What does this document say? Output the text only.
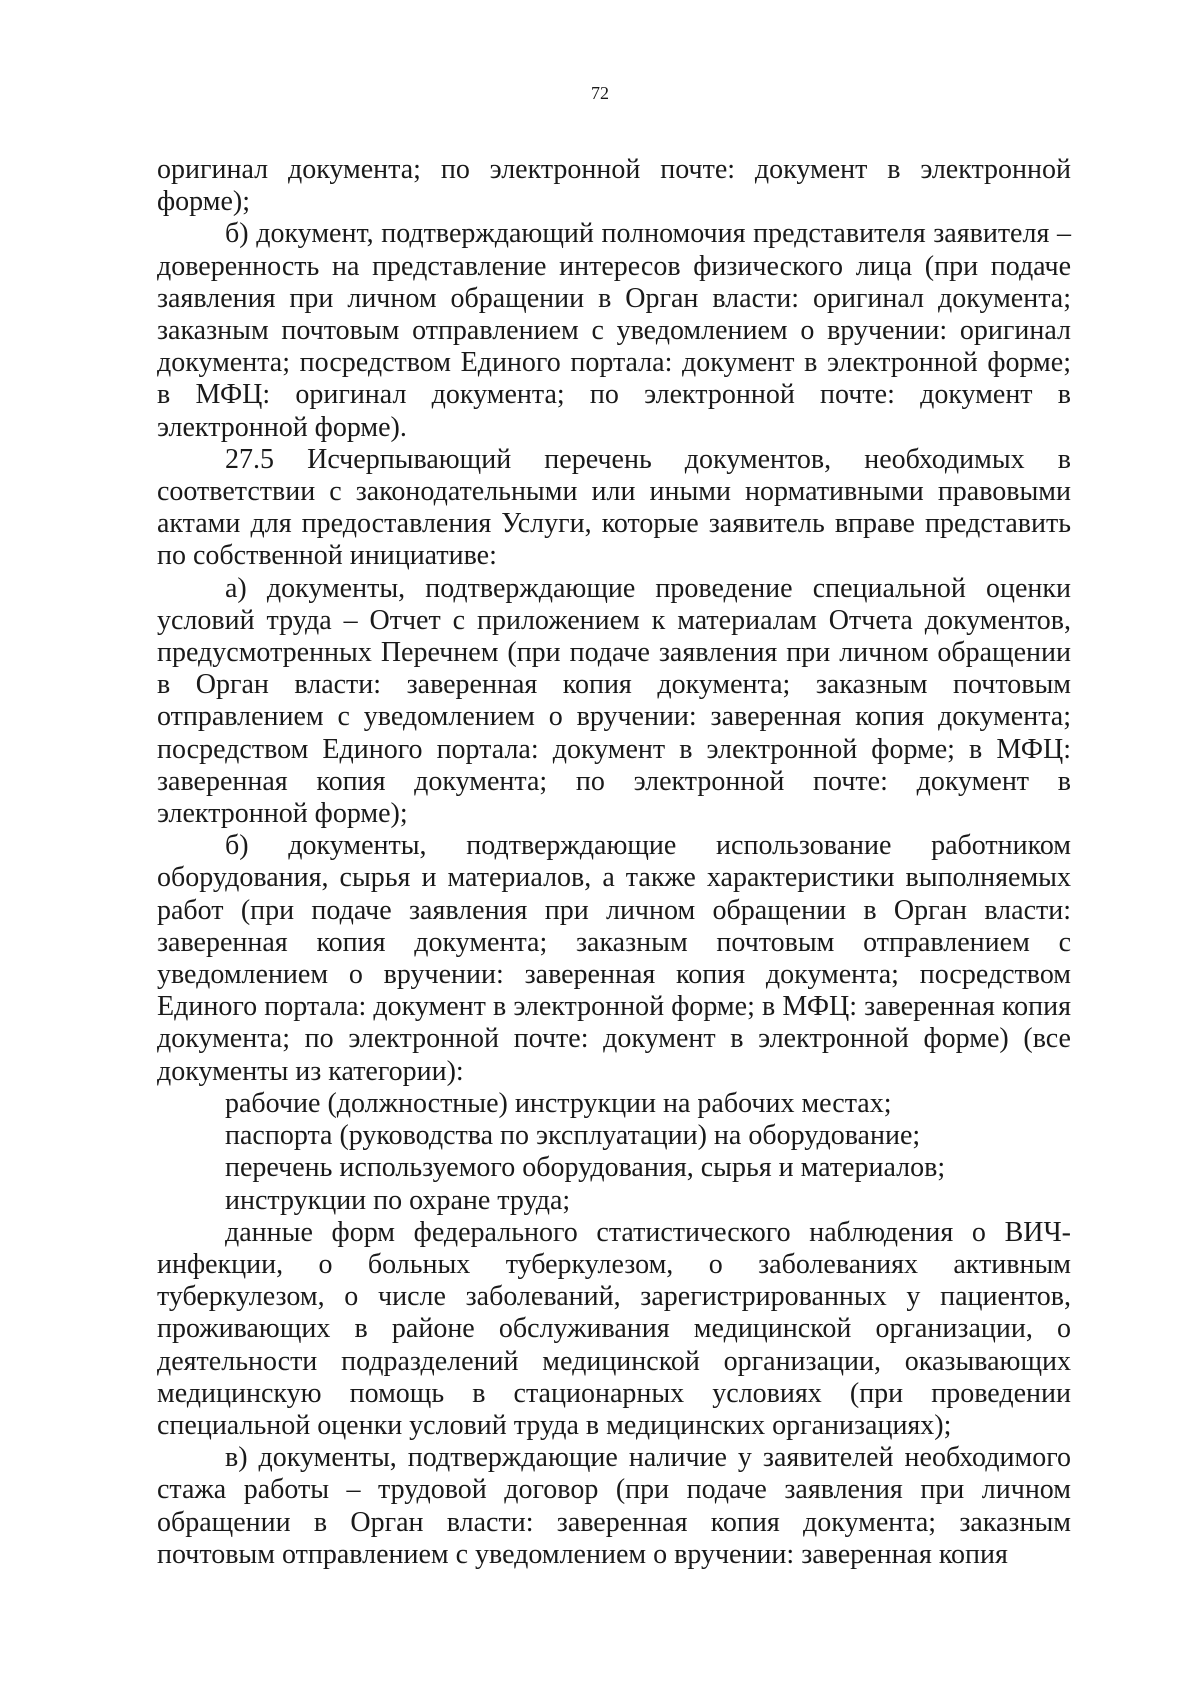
72

оригинал документа; по электронной почте: документ в электронной форме);

б) документ, подтверждающий полномочия представителя заявителя – доверенность на представление интересов физического лица (при подаче заявления при личном обращении в Орган власти: оригинал документа; заказным почтовым отправлением с уведомлением о вручении: оригинал документа; посредством Единого портала: документ в электронной форме; в МФЦ: оригинал документа; по электронной почте: документ в электронной форме).

27.5 Исчерпывающий перечень документов, необходимых в соответствии с законодательными или иными нормативными правовыми актами для предоставления Услуги, которые заявитель вправе представить по собственной инициативе:

а) документы, подтверждающие проведение специальной оценки условий труда – Отчет с приложением к материалам Отчета документов, предусмотренных Перечнем (при подаче заявления при личном обращении в Орган власти: заверенная копия документа; заказным почтовым отправлением с уведомлением о вручении: заверенная копия документа; посредством Единого портала: документ в электронной форме; в МФЦ: заверенная копия документа; по электронной почте: документ в электронной форме);

б) документы, подтверждающие использование работником оборудования, сырья и материалов, а также характеристики выполняемых работ (при подаче заявления при личном обращении в Орган власти: заверенная копия документа; заказным почтовым отправлением с уведомлением о вручении: заверенная копия документа; посредством Единого портала: документ в электронной форме; в МФЦ: заверенная копия документа; по электронной почте: документ в электронной форме) (все документы из категории):

рабочие (должностные) инструкции на рабочих местах;

паспорта (руководства по эксплуатации) на оборудование;

перечень используемого оборудования, сырья и материалов;

инструкции по охране труда;

данные форм федерального статистического наблюдения о ВИЧ-инфекции, о больных туберкулезом, о заболеваниях активным туберкулезом, о числе заболеваний, зарегистрированных у пациентов, проживающих в районе обслуживания медицинской организации, о деятельности подразделений медицинской организации, оказывающих медицинскую помощь в стационарных условиях (при проведении специальной оценки условий труда в медицинских организациях);

в) документы, подтверждающие наличие у заявителей необходимого стажа работы – трудовой договор (при подаче заявления при личном обращении в Орган власти: заверенная копия документа; заказным почтовым отправлением с уведомлением о вручении: заверенная копия
